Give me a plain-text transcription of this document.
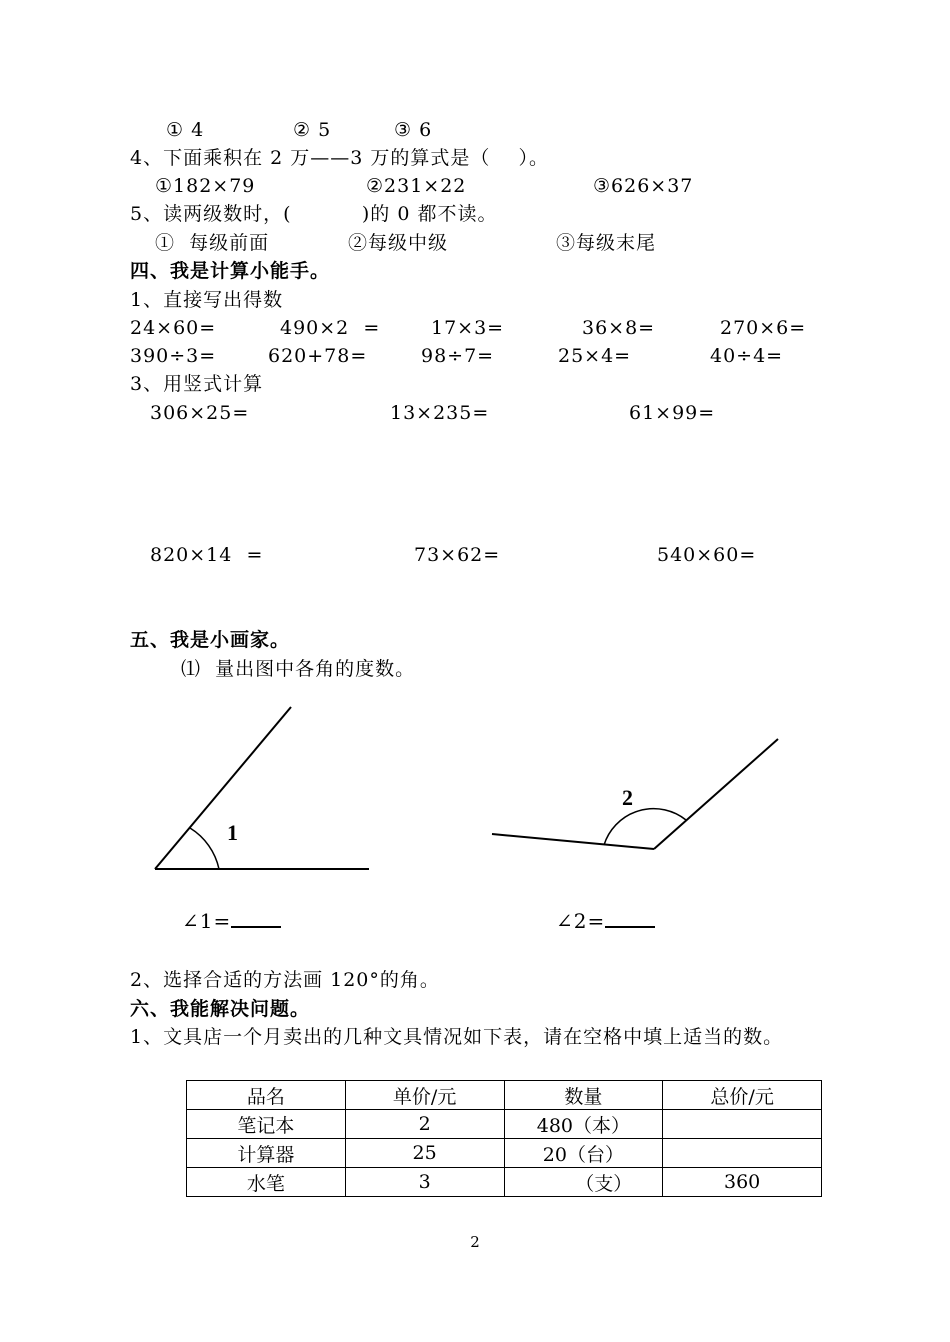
① 4	② 5	③ 6
4、下面乘积在 2 万——3 万的算式是（    ）。
①182×79	②231×22	③626×37
5、读两级数时，(          )的 0 都不读。
①  每级前面	②每级中级	③每级末尾
四、我是计算小能手。
1、直接写出得数
24×60=	490×2  =	17×3=	36×8=	270×6=
390÷3=	620+78=	98÷7=	25×4=	40÷4=
3、用竖式计算
306×25=	13×235=	61×99=
820×14  =	73×62=	540×60=
五、我是小画家。
⑴  量出图中各角的度数。
1
2
∠1=	∠2=
2、选择合适的方法画 120°的角。
六、我能解决问题。
1、文具店一个月卖出的几种文具情况如下表，请在空格中填上适当的数。
品名	单价/元	数量	总价/元
笔记本	2	480（本）	
计算器	25	20（台）	
水笔	3	（支）	360
2
